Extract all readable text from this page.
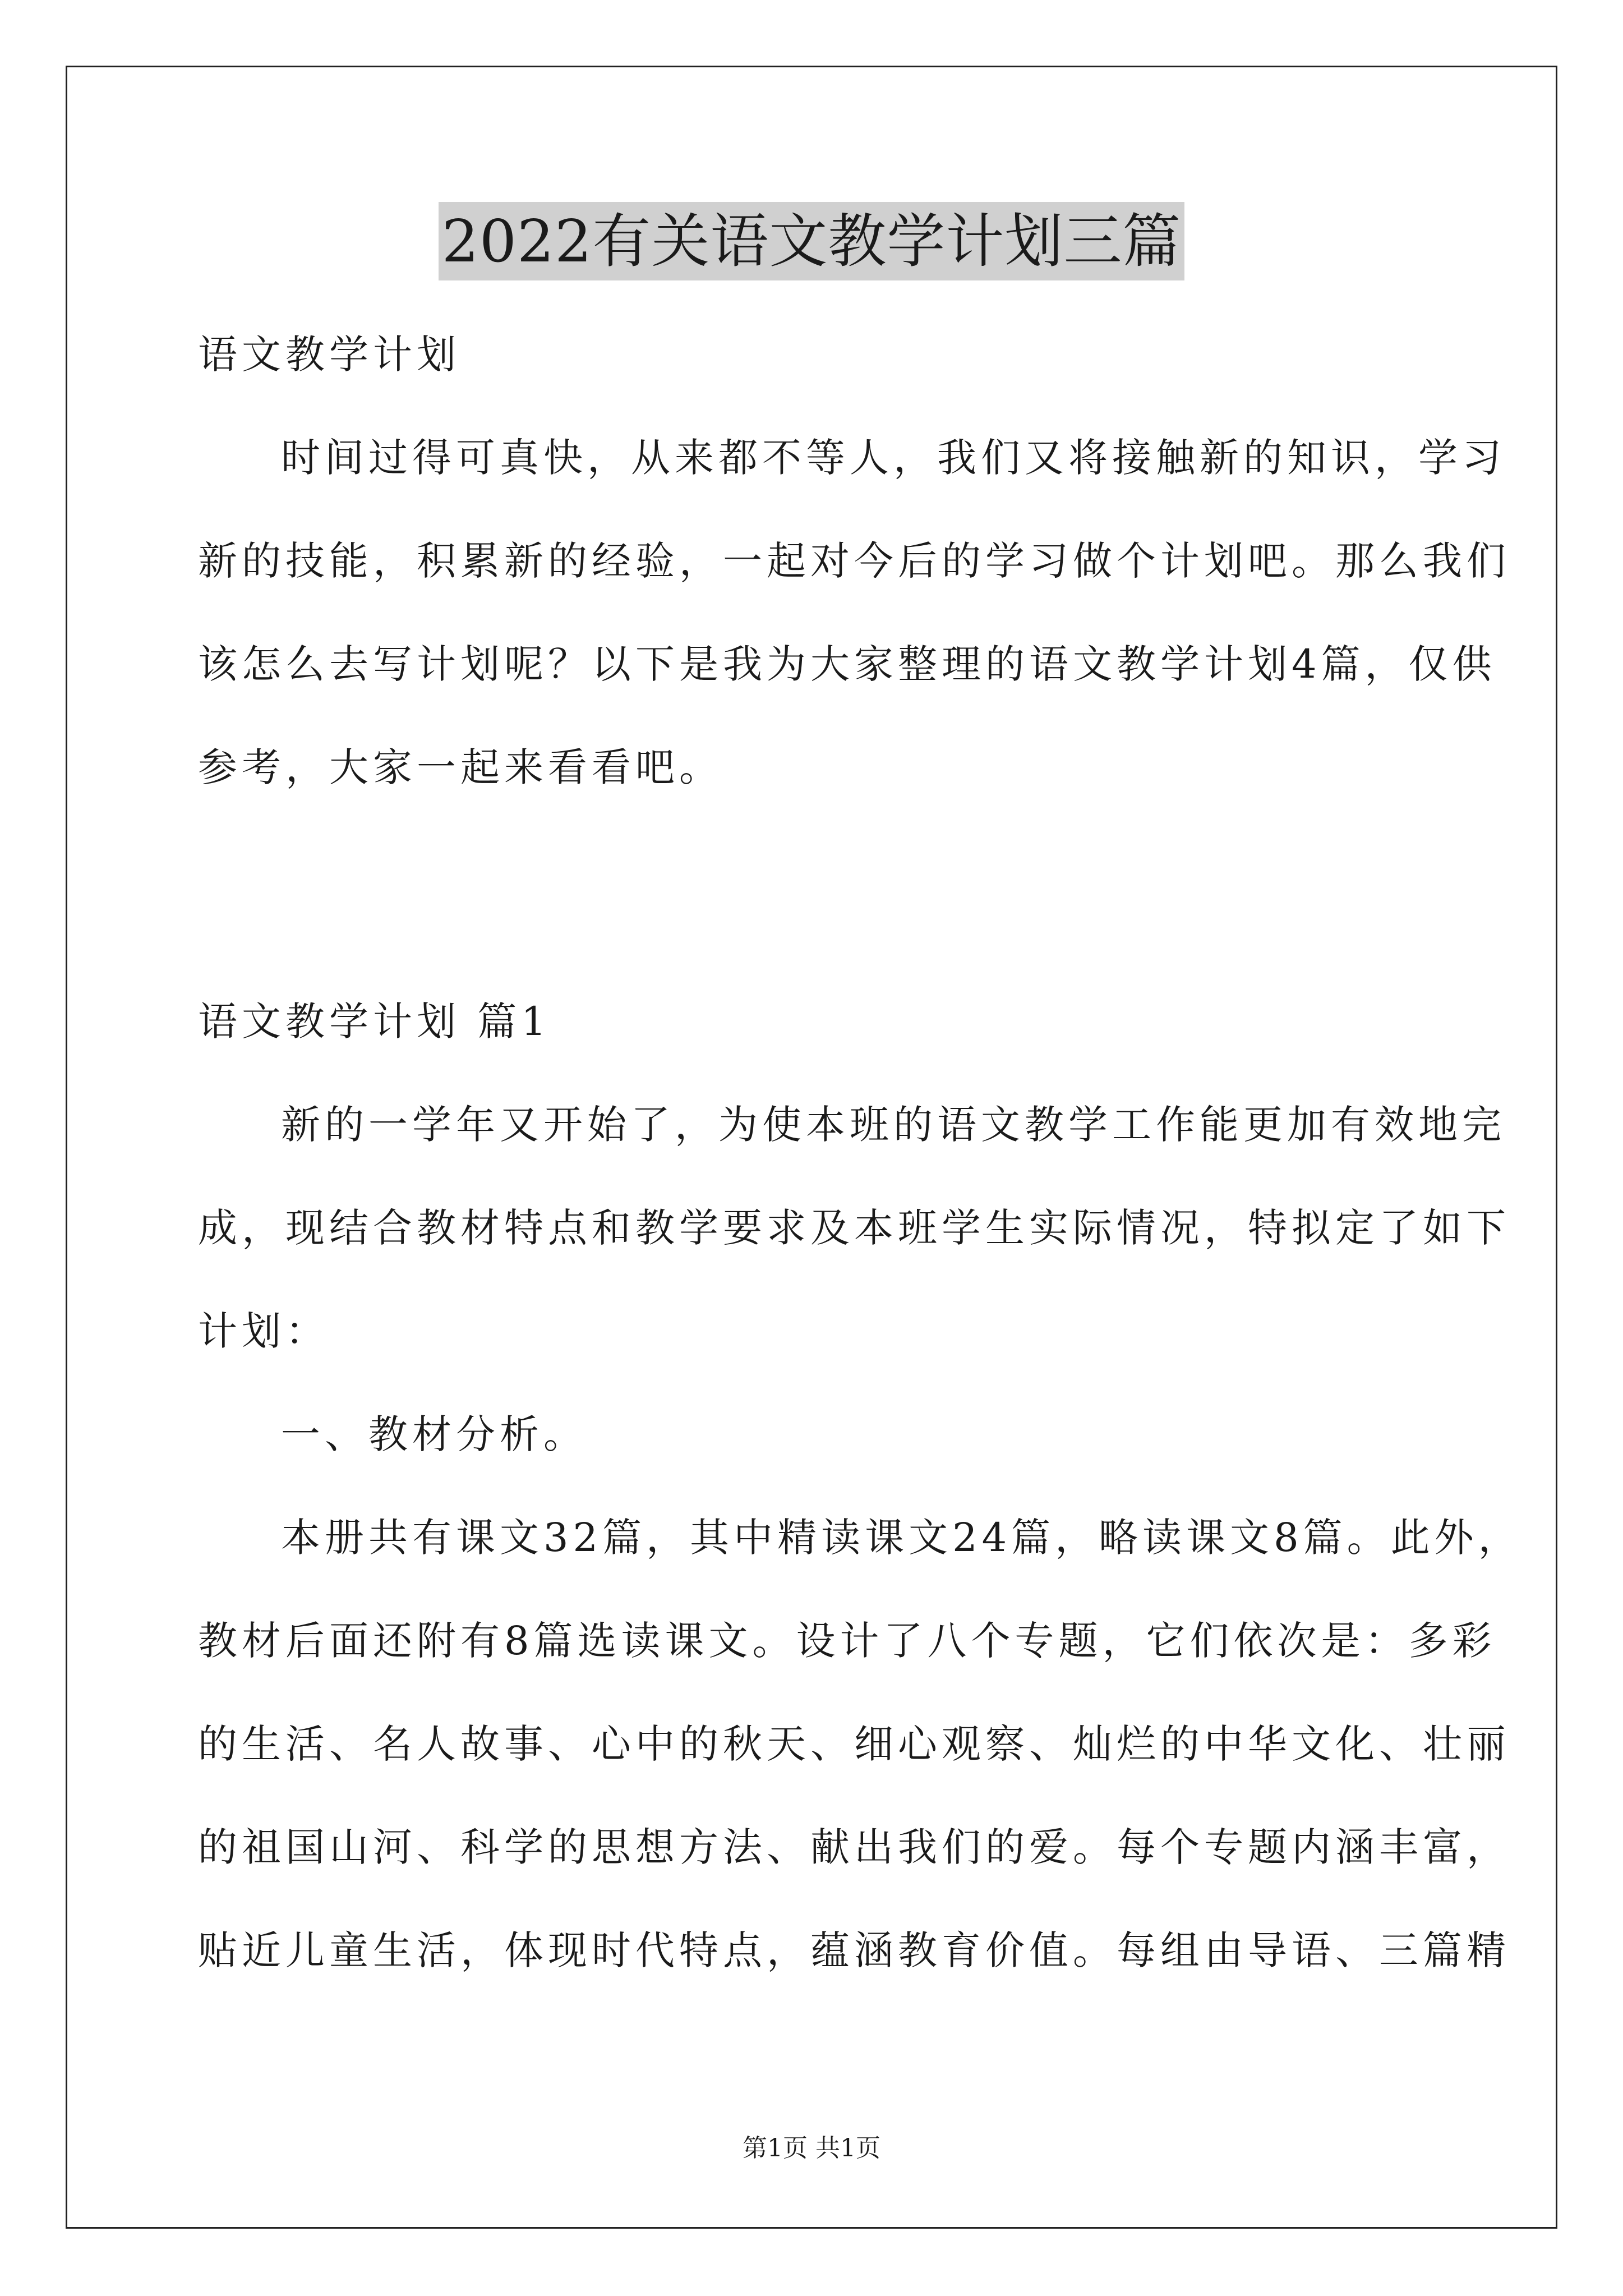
2022有关语文教学计划三篇
语文教学计划
时间过得可真快，从来都不等人，我们又将接触新的知识，学习
新的技能，积累新的经验，一起对今后的学习做个计划吧。那么我们
该怎么去写计划呢？以下是我为大家整理的语文教学计划4篇，仅供
参考，大家一起来看看吧。
语文教学计划 篇1
新的一学年又开始了，为使本班的语文教学工作能更加有效地完
成，现结合教材特点和教学要求及本班学生实际情况，特拟定了如下
计划：
一、教材分析。
本册共有课文32篇，其中精读课文24篇，略读课文8篇。此外，
教材后面还附有8篇选读课文。设计了八个专题，它们依次是：多彩
的生活、名人故事、心中的秋天、细心观察、灿烂的中华文化、壮丽
的祖国山河、科学的思想方法、献出我们的爱。每个专题内涵丰富，
贴近儿童生活，体现时代特点，蕴涵教育价值。每组由导语、三篇精
第1页 共1页
